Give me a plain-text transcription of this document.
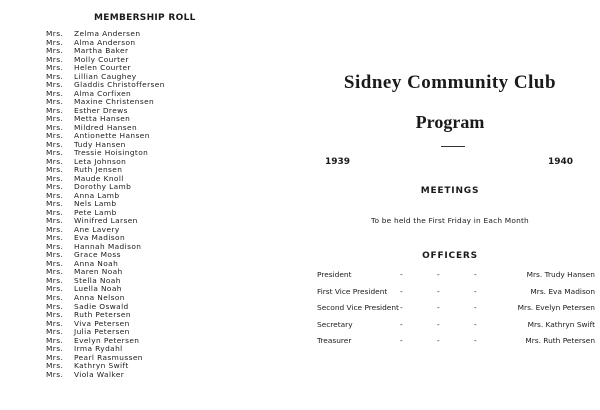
MEMBERSHIP ROLL
Mrs. Zelma Andersen
Mrs. Alma Anderson
Mrs. Martha Baker
Mrs. Molly Courter
Mrs. Helen Courter
Mrs. Lillian Caughey
Mrs. Gladdis Christoffersen
Mrs. Alma Corfixen
Mrs. Maxine Christensen
Mrs. Esther Drews
Mrs. Metta Hansen
Mrs. Mildred Hansen
Mrs. Antionette Hansen
Mrs. Tudy Hansen
Mrs. Tressie Hoisington
Mrs. Leta Johnson
Mrs. Ruth Jensen
Mrs. Maude Knoll
Mrs. Dorothy Lamb
Mrs. Anna Lamb
Mrs. Nels Lamb
Mrs. Pete Lamb
Mrs. Winifred Larsen
Mrs. Ane Lavery
Mrs. Eva Madison
Mrs. Hannah Madison
Mrs. Grace Moss
Mrs. Anna Noah
Mrs. Maren Noah
Mrs. Stella Noah
Mrs. Luella Noah
Mrs. Anna Nelson
Mrs. Sadie Oswald
Mrs. Ruth Petersen
Mrs. Viva Petersen
Mrs. Julia Petersen
Mrs. Evelyn Petersen
Mrs. Irma Rydahl
Mrs. Pearl Rasmussen
Mrs. Kathryn Swift
Mrs. Viola Walker
Sidney Community Club
Program
1939	1940
MEETINGS
To be held the First Friday in Each Month
OFFICERS
President	- - -	Mrs. Trudy Hansen
First Vice President - - -	Mrs. Eva Madison
Second Vice President - - -	Mrs. Evelyn Petersen
Secretary	- - -	Mrs. Kathryn Swift
Treasurer	- - -	Mrs. Ruth Petersen
